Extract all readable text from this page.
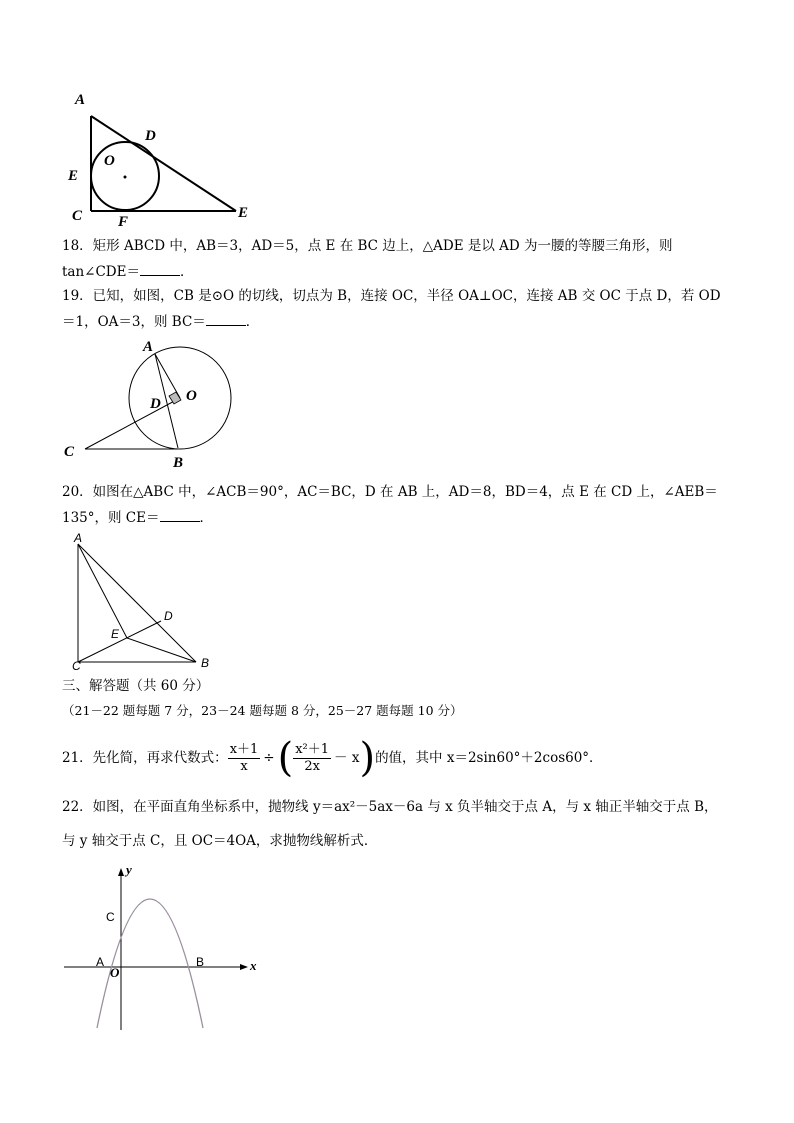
A
D
O
E
C F
E
18．矩形 ABCD 中，AB＝3，AD＝5，点 E 在 BC 边上，△ADE 是以 AD 为一腰的等腰三角形，则
tan∠CDE＝	．
19．已知，如图，CB 是⊙O 的切线，切点为 B，连接 OC，半径 OA⊥OC，连接 AB 交 OC 于点 D，若 OD
＝1，OA＝3，则 BC＝	．
A
D O
C
B
20．如图在△ABC 中，∠ACB＝90°，AC＝BC，D 在 AB 上，AD＝8，BD＝4，点 E 在 CD 上，∠AEB＝
135°，则 CE＝	．
A
D
E
C	B
三、解答题（共 60 分）
（21－22 题每题 7 分，23－24 题每题 8 分，25－27 题每题 10 分）
21．先化简，再求代数式： $\frac{x+1}{x}$ ÷ ( $\frac{\text{x²＋1}}{2x} - x$ ) 的值，其中 x＝2sin60°＋2cos60°．
22．如图，在平面直角坐标系中，抛物线 y＝ax²－5ax－6a 与 x 负半轴交于点 A，与 x 轴正半轴交于点 B，
与 y 轴交于点 C，且 OC＝4OA，求抛物线解析式．
y
x
C
A
O
B
